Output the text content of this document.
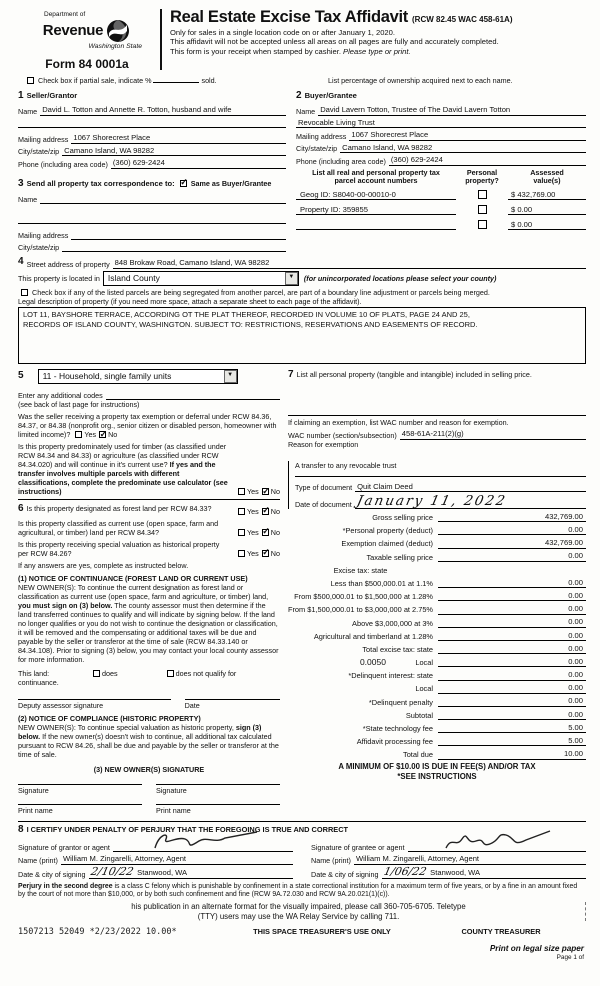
Department of
Revenue
Washington State
Form 84 0001a
Real Estate Excise Tax Affidavit (RCW 82.45 WAC 458-61A)
Only for sales in a single location code on or after January 1, 2020.
This affidavit will not be accepted unless all areas on all pages are fully and accurately completed.
This form is your receipt when stamped by cashier. Please type or print.
Check box if partial sale, indicate %	sold.	List percentage of ownership acquired next to each name.
1 Seller/Grantor
Name David L. Totton and Annette R. Totton, husband and wife
Mailing address 1067 Shorecrest Place
City/state/zip Camano Island, WA 98282
Phone (including area code) (360) 629-2424
3 Send all property tax correspondence to: ✓ Same as Buyer/Grantee
Name
Mailing address
City/state/zip
2 Buyer/Grantee
Name David Lavern Totton, Trustee of The David Lavern Totton
Revocable Living Trust
Mailing address 1067 Shorecrest Place
City/state/zip Camano Island, WA 98282
Phone (including area code) (360) 629-2424
List all real and personal property tax
parcel account numbers
Personal
property?
Assessed
value(s)
Geog ID: S8040-00-00010-0	$ 432,769.00
Property ID: 359855	$ 0.00
$ 0.00
4 Street address of property 848 Brokaw Road, Camano Island, WA 98282
This property is located in Island County	▼	(for unincorporated locations please select your county)
Check box if any of the listed parcels are being segregated from another parcel, are part of a boundary line adjustment or parcels being merged.
Legal description of property (if you need more space, attach a separate sheet to each page of the affidavit).
LOT 11, BAYSHORE TERRACE, ACCORDING OT THE PLAT THEREOF, RECORDED IN VOLUME 10 OF PLATS, PAGE 24 AND 25,
RECORDS OF ISLAND COUNTY, WASHINGTON. SUBJECT TO: RESTRICTIONS, RESERVATIONS AND EASEMENTS OF RECORD.
5 11 - Household, single family units	▼
Enter any additional codes
(see back of last page for instructions)
Was the seller receiving a property tax exemption or deferral under RCW 84.36, 84.37, or 84.38 (nonprofit org., senior citizen or disabled person, homeowner with limited income)? Yes ✓ No
Is this property predominately used for timber (as classified under RCW 84.34 and 84.33) or agriculture (as classified under RCW 84.34.020) and will continue in it's current use? If yes and the transfer involves multiple parcels with different classifications, complete the predominate use calculator (see instructions)	Yes ✓ No
6 Is this property designated as forest land per RCW 84.33?	Yes ✓ No
Is this property classified as current use (open space, farm and agricultural, or timber) land per RCW 84.34?	Yes ✓ No
Is this property receiving special valuation as historical property per RCW 84.26?	Yes ✓ No
If any answers are yes, complete as instructed below.
(1) NOTICE OF CONTINUANCE (FOREST LAND OR CURRENT USE)
NEW OWNER(S): To continue the current designation as forest land or classification as current use (open space, farm and agriculture, or timber) land, you must sign on (3) below. The county assessor must then determine if the land transferred continues to qualify and will indicate by signing below. If the land no longer qualifies or you do not wish to continue the designation or classification, it will be removed and the compensating or additional taxes will be due and payable by the seller or transferor at the time of sale (RCW 84.33.140 or 84.34.108). Prior to signing (3) below, you may contact your local county assessor for more information.
This land:	does	does not qualify for
continuance.
Deputy assessor signature	Date
(2) NOTICE OF COMPLIANCE (HISTORIC PROPERTY)
NEW OWNER(S): To continue special valuation as historic property, sign (3) below. If the new owner(s) doesn't wish to continue, all additional tax calculated pursuant to RCW 84.26, shall be due and payable by the seller or transferor at the time of sale.
(3) NEW OWNER(S) SIGNATURE
Signature	Signature
Print name	Print name
7 List all personal property (tangible and intangible) included in selling price.
If claiming an exemption, list WAC number and reason for exemption.
WAC number (section/subsection) 458-61A-211(2)(g)
Reason for exemption
A transfer to any revocable trust
Type of document Quit Claim Deed
Date of document January 11, 2022
Gross selling price	432,769.00
*Personal property (deduct)	0.00
Exemption claimed (deduct)	432,769.00
Taxable selling price	0.00
Excise tax: state
Less than $500,000.01 at 1.1%	0.00
From $500,000.01 to $1,500,000 at 1.28%	0.00
From $1,500,000.01 to $3,000,000 at 2.75%	0.00
Above $3,000,000 at 3%	0.00
Agricultural and timberland at 1.28%	0.00
Total excise tax: state	0.00
0.0050	Local	0.00
*Delinquent interest: state	0.00
Local	0.00
*Delinquent penalty	0.00
Subtotal	0.00
*State technology fee	5.00
Affidavit processing fee	5.00
Total due	10.00
A MINIMUM OF $10.00 IS DUE IN FEE(S) AND/OR TAX
*SEE INSTRUCTIONS
8 I CERTIFY UNDER PENALTY OF PERJURY THAT THE FOREGOING IS TRUE AND CORRECT
Signature of grantor or agent
Name (print) William M. Zingarelli, Attorney, Agent
Date & city of signing 2/10/22 Stanwood, WA
Signature of grantee or agent
Name (print) William M. Zingarelli, Attorney, Agent
Date & city of signing 1/06/22 Stanwood, WA
Perjury in the second degree is a class C felony which is punishable by confinement in a state correctional institution for a maximum term of five years, or by a fine in an amount fixed by the court of not more than $10,000, or by both such confinement and fine (RCW 9A.72.030 and RCW 9A.20.021(1)(c)).
his publication in an alternate format for the visually impaired, please call 360-705-6705. Teletype
(TTY) users may use the WA Relay Service by calling 711.
1507213 52049 *2/23/2022 10.00*	THIS SPACE TREASURER'S USE ONLY	COUNTY TREASURER
Print on legal size paper
Page 1 of
